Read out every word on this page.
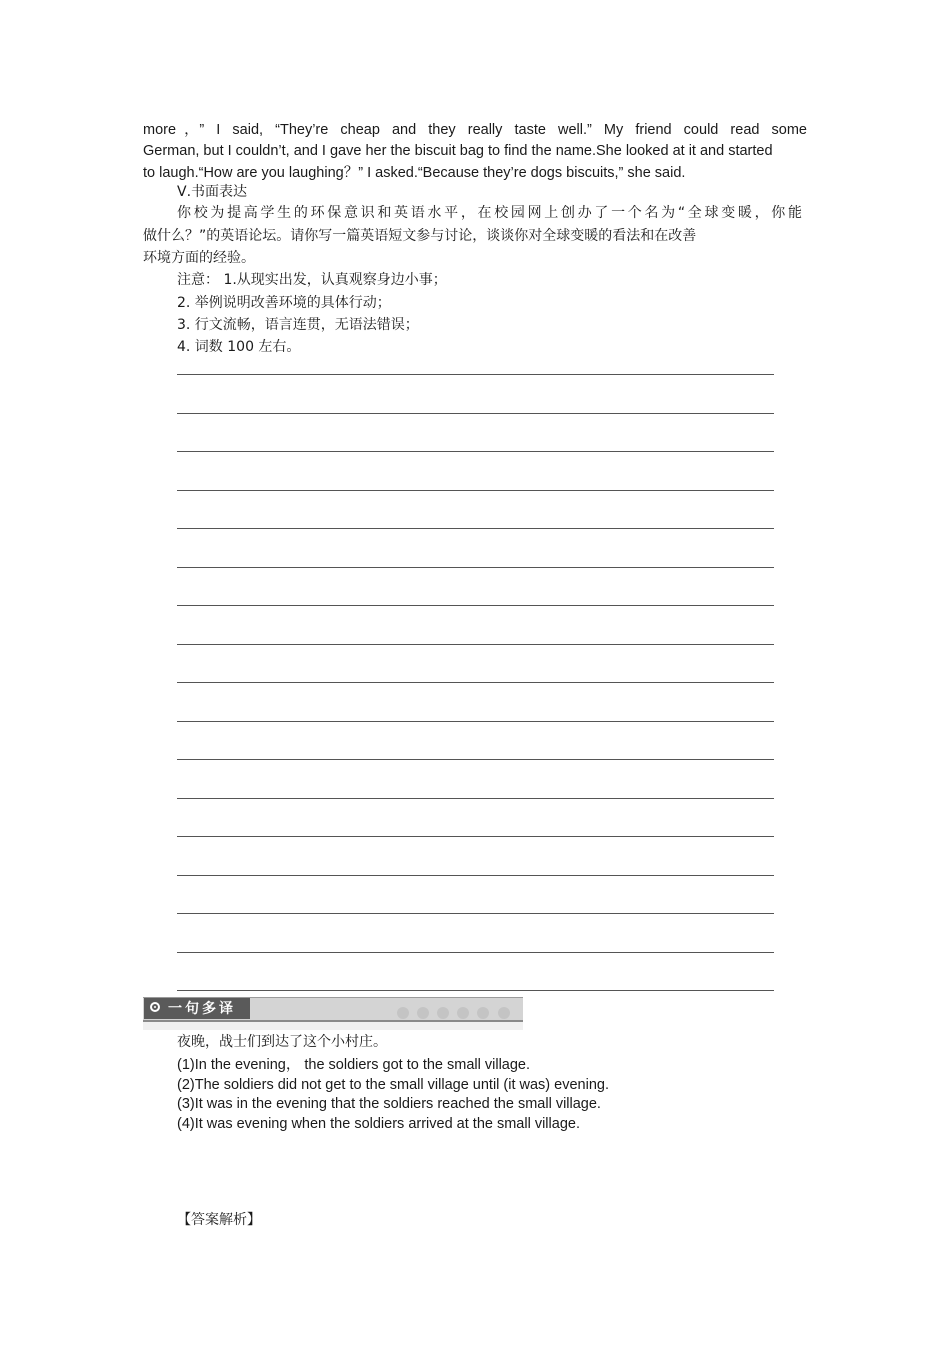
more，” I said, “They’re cheap and they really taste well.” My friend could read some
German, but I couldn’t, and I gave her the biscuit bag to find the name.She looked at it and started
to laugh.“How are you laughing？” I asked.“Because they’re dogs biscuits,” she said.
Ⅴ.书面表达
你校为提高学生的环保意识和英语水平，在校园网上创办了一个名为“全球变暖，你能
做什么？”的英语论坛。请你写一篇英语短文参与讨论，谈谈你对全球变暖的看法和在改善
环境方面的经验。
注意： 1.从现实出发，认真观察身边小事；
2. 举例说明改善环境的具体行动；
3. 行文流畅，语言连贯，无语法错误；
4. 词数 100 左右。
一句多译
夜晚，战士们到达了这个小村庄。
(1)In the evening， the soldiers got to the small village.
(2)The soldiers did not get to the small village until (it was) evening.
(3)It was in the evening that the soldiers reached the small village.
(4)It was evening when the soldiers arrived at the small village.
【答案解析】
